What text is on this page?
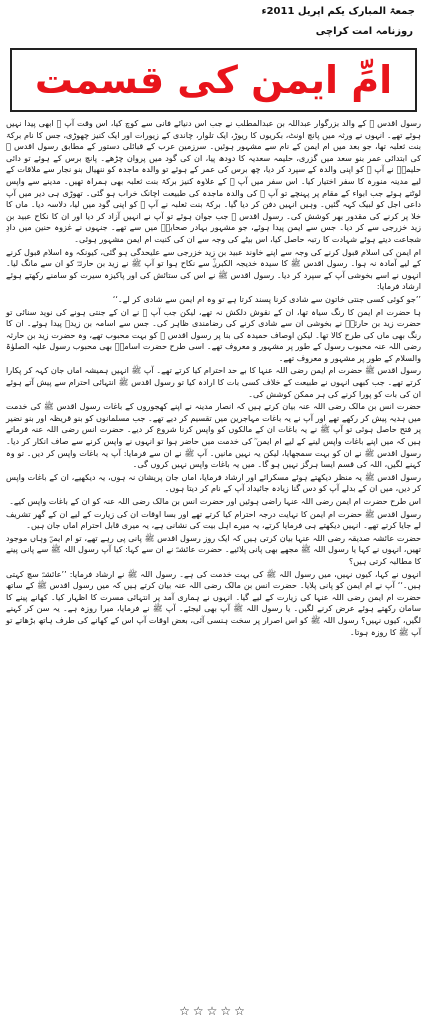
جمعۃ المبارک یکم اپریل 2011ء
روزنامہ امت کراچی
امِّ ایمن کی قسمت

رسول اقدس ﷺ کے والد بزرگوار عبداللہ بن عبدالمطلب نے جب اس دنیائے فانی سے کوچ کیا، اس وقت آپ ﷺ ابھی پیدا نہیں ہوئے تھے۔ انہوں نے ورثہ میں پانچ اونٹ، بکریوں کا ریوڑ، ایک تلوار، چاندی کے زیورات اور ایک کنیز چھوڑی، جس کا نام برکۃ بنت ثعلبہ تھا، جو بعد میں ام ایمن کے نام سے مشہور ہوئیں۔ سرزمین عرب کے قبائلی دستور کے مطابق رسول اقدس ﷺ کی ابتدائی عمر بنو سعد میں گزری، حلیمہ سعدیہ کا دودھ پیا، ان کی گود میں پروان چڑھے۔ پانچ برس کے ہوئے تو دائی حلیمہؓ نے آپ ﷺ کو اپنی والدہ کے سپرد کر دیا، چھ برس کی عمر کے ہوئے تو والدہ ماجدہ کو ننھیال بنو نجار سے ملاقات کے لیے مدینہ منورہ کا سفر اختیار کیا۔ اس سفر میں آپ ﷺ کے علاوہ کنیز برکۃ بنت ثعلبہ بھی ہمراہ تھیں۔ مدینے سے واپس لوٹتے ہوئے جب ابواء کے مقام پر پہنچے تو آپ ﷺ کی والدہ ماجدہ کی طبیعت اچانک خراب ہو گئی۔ تھوڑی ہی دیر میں آپ داعی اجل کو لبیک کہہ گئیں۔ وہیں انہیں دفن کر دیا گیا۔ برکۃ بنت ثعلبہ نے آپ ﷺ کو اپنی گود میں لیا، دلاسہ دیا۔ ماں کا خلا پر کرنے کی مقدور بھر کوشش کی۔ رسول اقدس ﷺ جب جوان ہوئے تو آپ نے انہیں آزاد کر دیا اور ان کا نکاح عبید بن زید خزرجی سے کر دیا۔ جس سے ایمن پیدا ہوئے، جو مشہور بہادر صحابہؓ میں سے تھے۔ جنہوں نے غزوہ حنین میں دادِ شجاعت دیتے ہوئے شہادت کا رتبہ حاصل کیا، اس بیٹے کی وجہ سے ان کی کنیت ام ایمن مشہور ہوئی۔

ام ایمن کی اسلام قبول کرنے کی وجہ سے اپنے خاوند عبید بن زید خزرجی سے علیحدگی ہو گئی، کیونکہ وہ اسلام قبول کرنے کے لیے آمادہ نہ ہوا۔ رسول اقدس ﷺ کا سیدہ خدیجہ الکبریٰؓ سے نکاح ہوا تو آپ ﷺ نے زید بن حارثہؓ کو ان سے مانگ لیا۔ انہوں نے اسے بخوشی آپ کے سپرد کر دیا۔ رسول اقدس ﷺ نے اس کی ستائش کی اور پاکیزہ سیرت کو سامنے رکھتے ہوئے ارشاد فرمایا:

’’جو کوئی کسی جنتی خاتون سے شادی کرنا پسند کرتا ہے تو وہ ام ایمن سے شادی کر لے۔‘‘

ہا حضرت ام ایمن کا رنگ سیاہ تھا، ان کے نقوش دلکش نہ تھے، لیکن جب آپ ﷺ نے ان کے جنتی ہونے کی نوید سنائی تو حضرت زید بن حارثہؓ نے بخوشی ان سے شادی کرنے کی رضامندی ظاہر کی۔ جس سے اسامہ بن زیدؓ پیدا ہوئے۔ ان کا رنگ بھی ماں کی طرح کالا تھا۔ لیکن اوصاف حمیدہ کی بنا پر رسول اقدس ﷺ کو بہت محبوب تھے، وہ حضرت زید بن حارثہ رضی اللہ عنہ محبوب رسول کے طور پر مشہور و معروف تھے۔ اسی طرح حضرت اسامہؓ بھی محبوب رسول علیہ الصلوٰۃ والسلام کے طور پر مشہور و معروف تھے۔

رسول اقدس ﷺ حضرت ام ایمن رضی اللہ عنہا کا بے حد احترام کیا کرتے تھے۔ آپ ﷺ انہیں ہمیشہ اماں جان کہہ کر پکارا کرتے تھے۔ جب کبھی انہوں نے طبیعت کے خلاف کسی بات کا ارادہ کیا تو رسول اقدس ﷺ انتہائی احترام سے پیش آتے ہوئے ان کی بات کو پورا کرنے کی ہر ممکن کوشش کی۔

حضرت انس بن مالک رضی اللہ عنہ بیان کرتے ہیں کہ انصار مدینہ نے اپنے کھجوروں کے باغات رسول اقدس ﷺ کی خدمت میں ہدیہ پیش کر رکھے تھے اور آپ نے یہ باغات مہاجرین میں تقسیم کر دیے تھے۔ جب مسلمانوں کو بنو قریظہ اور بنو نضیر پر فتح حاصل ہوئی تو آپ ﷺ نے یہ باغات ان کے مالکوں کو واپس کرنا شروع کر دیے۔ حضرت انس رضی اللہ عنہ فرماتے ہیں کہ میں اپنے باغات واپس لینے کے لیے ام ایمن ؓ کی خدمت میں حاضر ہوا تو انہوں نے واپس کرنے سے صاف انکار کر دیا۔ رسول اقدس ﷺ نے ان کو بہت سمجھایا، لیکن یہ نہیں مانیں۔ آپ ﷺ نے ان سے فرمایا: آپ یہ باغات واپس کر دیں۔ تو وہ کہنے لگیں، اللہ کی قسم ایسا ہرگز نہیں ہو گا۔ میں یہ باغات واپس نہیں کروں گی۔

رسول اقدس ﷺ یہ منظر دیکھتے ہوئے مسکرائے اور ارشاد فرمایا، اماں جان پریشان نہ ہوں، یہ دیکھیے، ان کے باغات واپس کر دیں، میں ان کے بدلے آپ کو دس گنا زیادہ جائیداد آپ کے نام کر دیتا ہوں۔

اس طرح حضرت ام ایمن رضی اللہ عنہا راضی ہوئیں اور حضرت انس بن مالک رضی اللہ عنہ کو ان کے باغات واپس کیے۔

رسول اقدس ﷺ حضرت ام ایمن کا نہایت درجہ احترام کیا کرتے تھے اور بسا اوقات ان کی زیارت کے لیے ان کے گھر تشریف لے جایا کرتے تھے۔ انہیں دیکھتے ہی فرمایا کرتے، یہ میرے اہل بیت کی نشانی ہے، یہ میری قابل احترام اماں جان ہیں۔

حضرت عائشہ صدیقہ رضی اللہ عنہا بیان کرتی ہیں کہ ایک روز رسول اقدس ﷺ پانی پی رہے تھے، تو ام ایمنؓ وہاں موجود تھیں، انہوں نے کہا یا رسول اللہ ﷺ مجھے بھی پانی پلائیے۔ حضرت عائشہؓ نے ان سے کہا: کیا آپ رسول اللہ ﷺ سے پانی پینے کا مطالبہ کرتی ہیں؟

انہوں نے کہا، کیوں نہیں، میں رسول اللہ ﷺ کی بہت خدمت کی ہے۔ رسول اللہ ﷺ نے ارشاد فرمایا: ’’عائشہؓ سچ کہتی ہیں۔‘‘ آپ نے ام ایمن کو پانی پلایا۔ حضرت انس بن مالک رضی اللہ عنہ بیان کرتے ہیں کہ میں رسول اقدس ﷺ کے ساتھ حضرت ام ایمن رضی اللہ عنہا کی زیارت کے لیے گیا۔ انہوں نے ہماری آمد پر انتہائی مسرت کا اظہار کیا۔ کھانے پینے کا سامان رکھتے ہوئے عرض کرنے لگیں۔ یا رسول اللہ ﷺ آپ بھی لیجئے۔ آپ ﷺ نے فرمایا، میرا روزہ ہے۔ یہ سن کر کہنے لگیں، کیوں نہیں؟ رسول اللہ ﷺ کو اس اصرار پر سخت ہنسی آئی، بعض اوقات آپ اس کے کھانے کی طرف ہاتھ بڑھاتے تو آپ ﷺ کا روزہ ہوتا۔

☆☆☆☆☆
